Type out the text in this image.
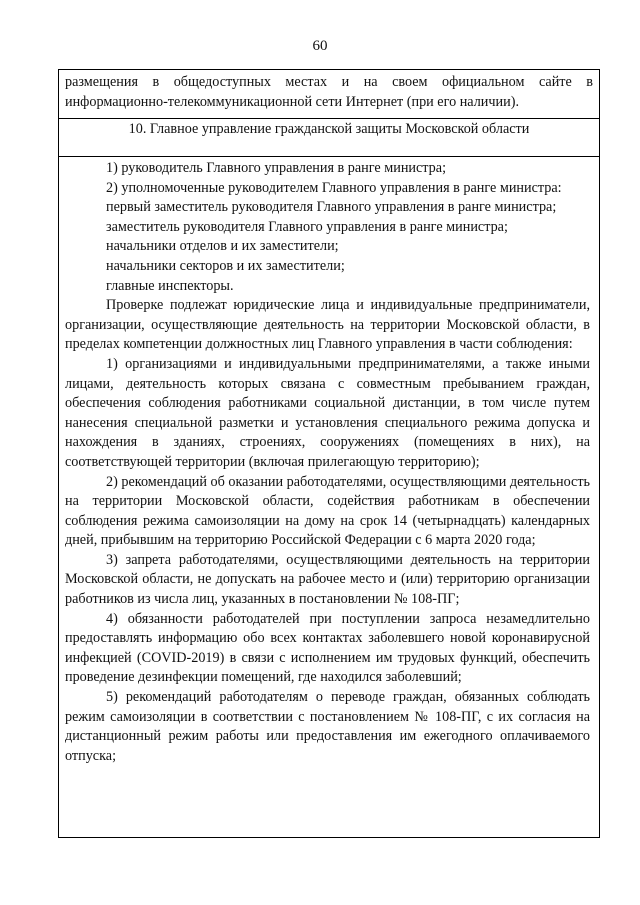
60
размещения в общедоступных местах и на своем официальном сайте в
информационно-телекоммуникационной сети Интернет (при его наличии).
10. Главное управление гражданской защиты Московской области

1) руководитель Главного управления в ранге министра;

2) уполномоченные руководителем Главного управления в ранге министра:

первый заместитель руководителя Главного управления в ранге министра;

заместитель руководителя Главного управления в ранге министра;

начальники отделов и их заместители;

начальники секторов и их заместители;

главные инспекторы.

Проверке подлежат юридические лица и индивидуальные предприниматели, организации, осуществляющие деятельность на территории Московской области, в пределах компетенции должностных лиц Главного управления в части соблюдения:

1) организациями и индивидуальными предпринимателями, а также иными лицами, деятельность которых связана с совместным пребыванием граждан, обеспечения соблюдения работниками социальной дистанции, в том числе путем нанесения специальной разметки и установления специального режима допуска и нахождения в зданиях, строениях, сооружениях (помещениях в них), на соответствующей территории (включая прилегающую территорию);

2) рекомендаций об оказании работодателями, осуществляющими деятельность на территории Московской области, содействия работникам в обеспечении соблюдения режима самоизоляции на дому на срок 14 (четырнадцать) календарных дней, прибывшим на территорию Российской Федерации с 6 марта 2020 года;

3) запрета работодателями, осуществляющими деятельность на территории Московской области, не допускать на рабочее место и (или) территорию организации работников из числа лиц, указанных в постановлении № 108-ПГ;

4) обязанности работодателей при поступлении запроса незамедлительно предоставлять информацию обо всех контактах заболевшего новой коронавирусной инфекцией (COVID-2019) в связи с исполнением им трудовых функций, обеспечить проведение дезинфекции помещений, где находился заболевший;

5) рекомендаций работодателям о переводе граждан, обязанных соблюдать режим самоизоляции в соответствии с постановлением № 108-ПГ, с их согласия на дистанционный режим работы или предоставления им ежегодного оплачиваемого отпуска;
